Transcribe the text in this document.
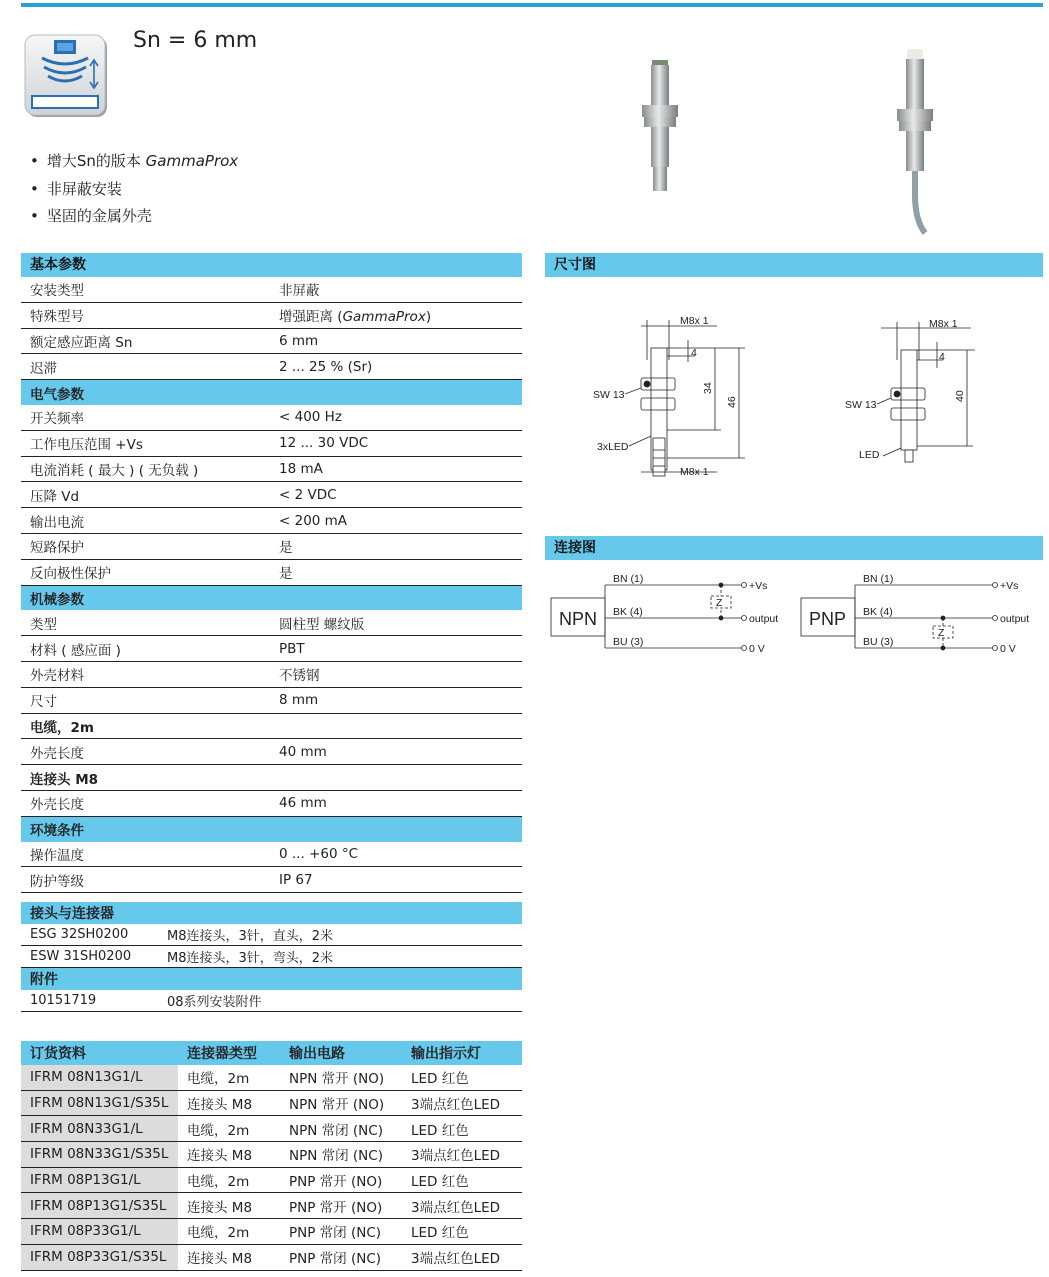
Sn = 6 mm
• 增大Sn的版本 GammaProx
• 非屏蔽安装
• 坚固的金属外壳
基本参数
安装类型	非屏蔽
特殊型号	增强距离 (GammaProx)
额定感应距离 Sn	6 mm
迟滞	2 ... 25 % (Sr)
电气参数	
开关频率	< 400 Hz
工作电压范围 +Vs	12 ... 30 VDC
电流消耗 ( 最大 ) ( 无负载 )	18 mA
压降 Vd	< 2 VDC
输出电流	< 200 mA
短路保护	是
反向极性保护	是
机械参数	
类型	圆柱型 螺纹版
材料 ( 感应面 )	PBT
外壳材料	不锈钢
尺寸	8 mm
电缆，2m	
外壳长度	40 mm
连接头 M8	
外壳长度	46 mm
环境条件	
操作温度	0 ... +60 °C
防护等级	IP 67
接头与连接器	
ESG 32SH0200	M8连接头，3针，直头，2米
ESW 31SH0200	M8连接头，3针，弯头，2米
附件	
10151719	08系列安装附件
订货资料	连接器类型	输出电路	输出指示灯
IFRM 08N13G1/L	电缆，2m	NPN 常开 (NO)	LED 红色
IFRM 08N13G1/S35L	连接头 M8	NPN 常开 (NO)	3端点红色LED
IFRM 08N33G1/L	电缆，2m	NPN 常闭 (NC)	LED 红色
IFRM 08N33G1/S35L	连接头 M8	NPN 常闭 (NC)	3端点红色LED
IFRM 08P13G1/L	电缆，2m	PNP 常开 (NO)	LED 红色
IFRM 08P13G1/S35L	连接头 M8	PNP 常开 (NO)	3端点红色LED
IFRM 08P33G1/L	电缆，2m	PNP 常闭 (NC)	LED 红色
IFRM 08P33G1/S35L	连接头 M8	PNP 常闭 (NC)	3端点红色LED
尺寸图
M8x 1
SW 13
3xLED
4
34
46
M8x 1
M8x 1
SW 13
LED
4
40
连接图
NPN
BN (1)
BK (4)
BU (3)
Z
+Vs
output
0 V
PNP
BN (1)
BK (4)
BU (3)
Z
+Vs
output
0 V
